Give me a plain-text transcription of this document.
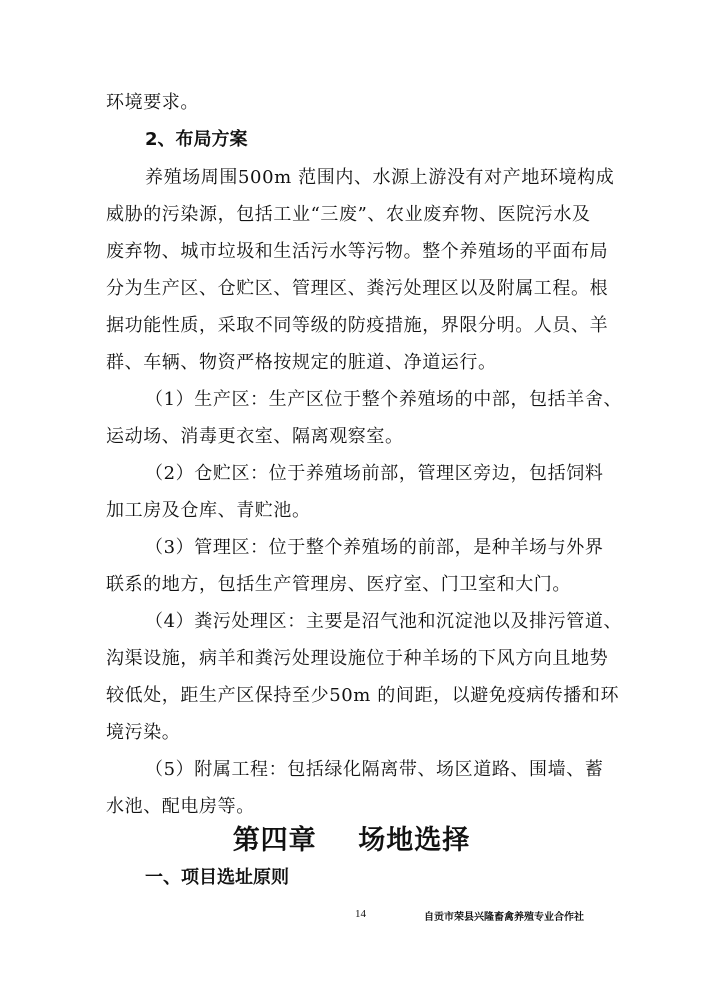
环境要求。
2、布局方案
养殖场周围500m 范围内、水源上游没有对产地环境构成
威胁的污染源，包括工业“三废”、农业废弃物、医院污水及
废弃物、城市垃圾和生活污水等污物。整个养殖场的平面布局
分为生产区、仓贮区、管理区、粪污处理区以及附属工程。根
据功能性质，采取不同等级的防疫措施，界限分明。人员、羊
群、车辆、物资严格按规定的脏道、净道运行。
（1）生产区：生产区位于整个养殖场的中部，包括羊舍、
运动场、消毒更衣室、隔离观察室。
（2）仓贮区：位于养殖场前部，管理区旁边，包括饲料
加工房及仓库、青贮池。
（3）管理区：位于整个养殖场的前部，是种羊场与外界
联系的地方，包括生产管理房、医疗室、门卫室和大门。
（4）粪污处理区：主要是沼气池和沉淀池以及排污管道、
沟渠设施，病羊和粪污处理设施位于种羊场的下风方向且地势
较低处，距生产区保持至少50m 的间距，以避免疫病传播和环
境污染。
（5）附属工程：包括绿化隔离带、场区道路、围墙、蓄
水池、配电房等。
第四章    场地选择
一、项目选址原则
14	自贡市荣县兴隆畜禽养殖专业合作社
